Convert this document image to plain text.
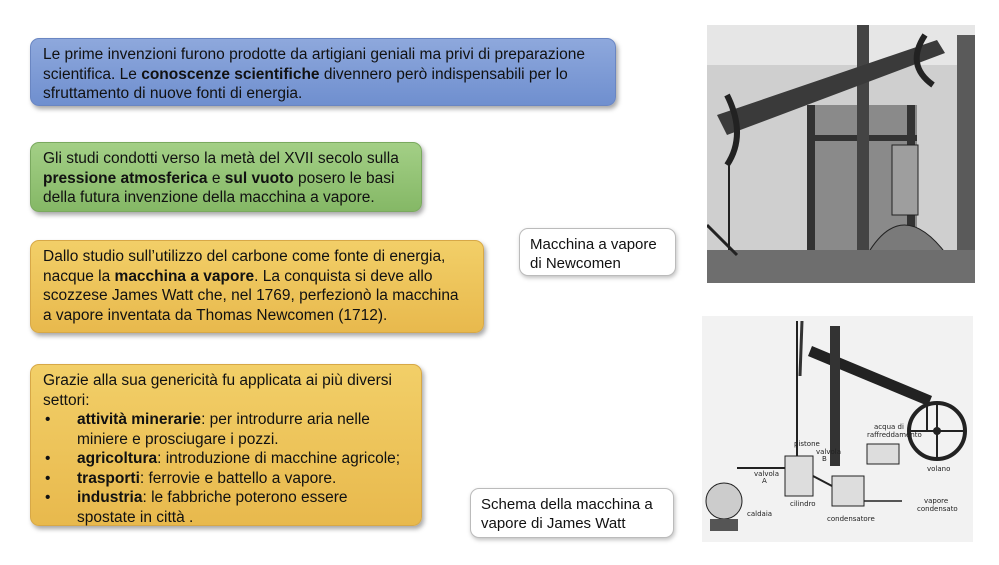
Le prime invenzioni furono prodotte da artigiani geniali ma privi di preparazione scientifica. Le conoscenze scientifiche divennero però indispensabili per lo sfruttamento di nuove fonti di energia.

Gli studi condotti verso la metà del XVII secolo sulla pressione atmosferica e sul vuoto posero le basi della futura invenzione della macchina a vapore.

Dallo studio sull’utilizzo del carbone come fonte di energia, nacque la macchina a vapore. La conquista si deve allo scozzese James Watt che, nel 1769, perfezionò la macchina a vapore inventata da Thomas Newcomen (1712).

Grazie alla sua genericità fu applicata ai più diversi settori:

• attività minerarie: per introdurre aria nelle miniere e prosciugare i pozzi.
• agricoltura: introduzione di macchine agricole;
• trasporti: ferrovie e battello a vapore.
• industria: le fabbriche poterono essere spostate in città .
Macchina a vapore
di Newcomen
Schema della macchina a vapore di James Watt
pistone
acqua di
raffreddamento
valvola
B
valvola
A
cilindro
caldaia
condensatore
vapore
condensato
volano
